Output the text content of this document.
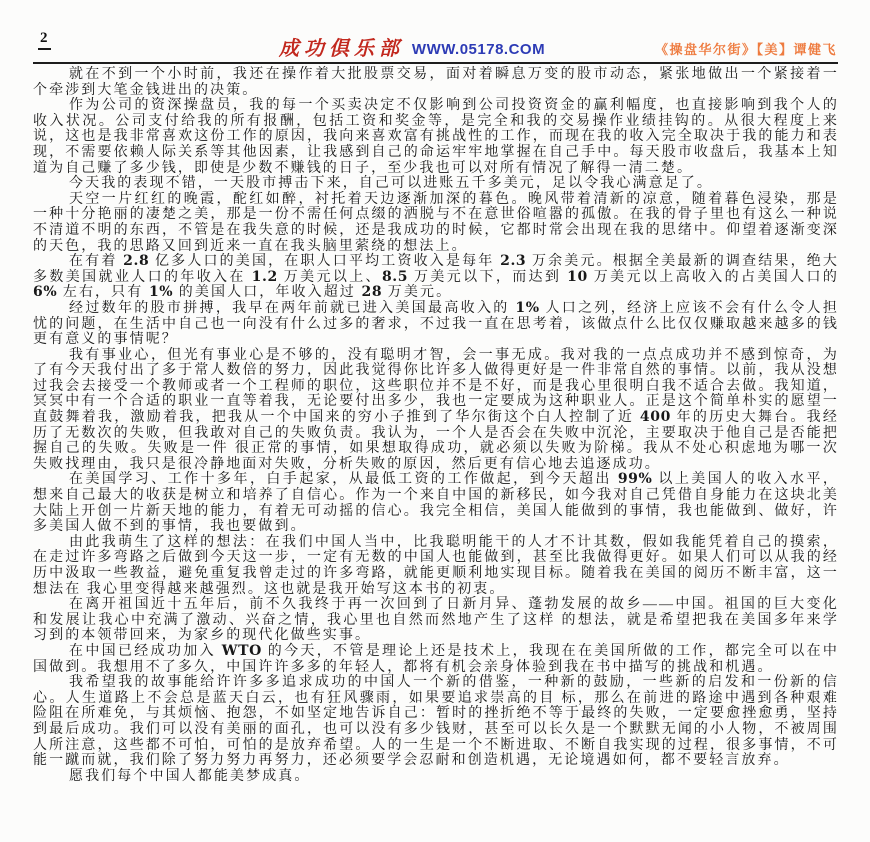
2	成功俱乐部 WWW.05178.COM	《操盘华尔街》【美】谭健飞

就在不到一个小时前，我还在操作着大批股票交易，面对着瞬息万变的股市动态，紧张地做出一个紧接着一个牵涉到大笔金钱进出的决策。

作为公司的资深操盘员，我的每一个买卖决定不仅影响到公司投资资金的赢利幅度，也直接影响到我个人的收入状况。公司支付给我的所有报酬，包括工资和奖金等，是完全和我的交易操作业绩挂钩的。从很大程度上来说，这也是我非常喜欢这份工作的原因，我向来喜欢富有挑战性的工作，而现在我的收入完全取决于我的能力和表现，不需要依赖人际关系等其他因素，让我感到自己的命运牢牢地掌握在自己手中。每天股市收盘后，我基本上知道为自己赚了多少钱，即使是少数不赚钱的日子，至少我也可以对所有情况了解得一清二楚。

今天我的表现不错，一天股市搏击下来，自己可以进账五千多美元，足以令我心满意足了。

天空一片红红的晚霞，酡红如醉，衬托着天边逐渐加深的暮色。晚风带着清新的凉意，随着暮色浸染，那是一种十分艳丽的凄楚之美，那是一份不需任何点缀的洒脱与不在意世俗喧嚣的孤傲。在我的骨子里也有这么一种说不清道不明的东西，不管是在我失意的时候，还是我成功的时候，它都时常会出现在我的思绪中。仰望着逐渐变深的天色，我的思路又回到近来一直在我头脑里萦绕的想法上。

在有着 2.8 亿多人口的美国，在职人口平均工资收入是每年 2.3 万余美元。根据全美最新的调查结果，绝大多数美国就业人口的年收入在 1.2 万美元以上、8.5 万美元以下，而达到 10 万美元以上高收入的占美国人口的 6% 左右，只有 1% 的美国人口，年收入超过 28 万美元。

经过数年的股市拼搏，我早在两年前就已进入美国最高收入的 1% 人口之列，经济上应该不会有什么令人担忧的问题，在生活中自己也一向没有什么过多的奢求，不过我一直在思考着，该做点什么比仅仅赚取越来越多的钱更有意义的事情呢？

我有事业心，但光有事业心是不够的，没有聪明才智，会一事无成。我对我的一点点成功并不感到惊奇，为了有今天我付出了多于常人数倍的努力，因此我觉得你比许多人做得更好是一件非常自然的事情。以前，我从没想过我会去接受一个教师或者一个工程师的职位，这些职位并不是不好，而是我心里很明白我不适合去做。我知道，冥冥中有一个合适的职业一直等着我，无论要付出多少，我也一定要成为这种职业人。正是这个简单朴实的愿望一直鼓舞着我，激励着我，把我从一个中国来的穷小子推到了华尔街这个白人控制了近 400 年的历史大舞台。我经历了无数次的失败，但我敢对自己的失败负责。我认为，一个人是否会在失败中沉沦，主要取决于他自己是否能把握自己的失败。失败是一件 很正常的事情，如果想取得成功，就必须以失败为阶梯。我从不处心积虑地为哪一次失败找理由，我只是很冷静地面对失败，分析失败的原因，然后更有信心地去追逐成功。

在美国学习、工作十多年，白手起家，从最低工资的工作做起，到今天超出 99% 以上美国人的收入水平，想来自己最大的收获是树立和培养了自信心。作为一个来自中国的新移民，如今我对自己凭借自身能力在这块北美大陆上开创一片新天地的能力，有着无可动摇的信心。我完全相信，美国人能做到的事情，我也能做到、做好，许多美国人做不到的事情，我也要做到。

由此我萌生了这样的想法：在我们中国人当中，比我聪明能干的人才不计其数，假如我能凭着自己的摸索，在走过许多弯路之后做到今天这一步，一定有无数的中国人也能做到，甚至比我做得更好。如果人们可以从我的经历中汲取一些教益，避免重复我曾走过的许多弯路，就能更顺利地实现目标。随着我在美国的阅历不断丰富，这一想法在 我心里变得越来越强烈。这也就是我开始写这本书的初衷。

在离开祖国近十五年后，前不久我终于再一次回到了日新月异、蓬勃发展的故乡——中国。祖国的巨大变化和发展让我心中充满了激动、兴奋之情，我心里也自然而然地产生了这样 的想法，就是希望把我在美国多年来学习到的本领带回来，为家乡的现代化做些实事。

在中国已经成功加入 WTO 的今天，不管是理论上还是技术上，我现在在美国所做的工作，都完全可以在中国做到。我想用不了多久，中国许许多多的年轻人，都将有机会亲身体验到我在书中描写的挑战和机遇。

我希望我的故事能给许许多多追求成功的中国人一个新的借鉴，一种新的鼓励，一些新的启发和一份新的信心。人生道路上不会总是蓝天白云，也有狂风骤雨，如果要追求崇高的目 标，那么在前进的路途中遇到各种艰难险阻在所难免，与其烦恼、抱怨，不如坚定地告诉自己：暂时的挫折绝不等于最终的失败，一定要愈挫愈勇，坚持到最后成功。我们可以没有美丽的面孔，也可以没有多少钱财，甚至可以长久是一个默默无闻的小人物，不被周围人所注意，这些都不可怕，可怕的是放弃希望。人的一生是一个不断进取、不断自我实现的过程，很多事情，不可能一蹴而就，我们除了努力努力再努力，还必须要学会忍耐和创造机遇，无论境遇如何，都不要轻言放弃。

愿我们每个中国人都能美梦成真。
